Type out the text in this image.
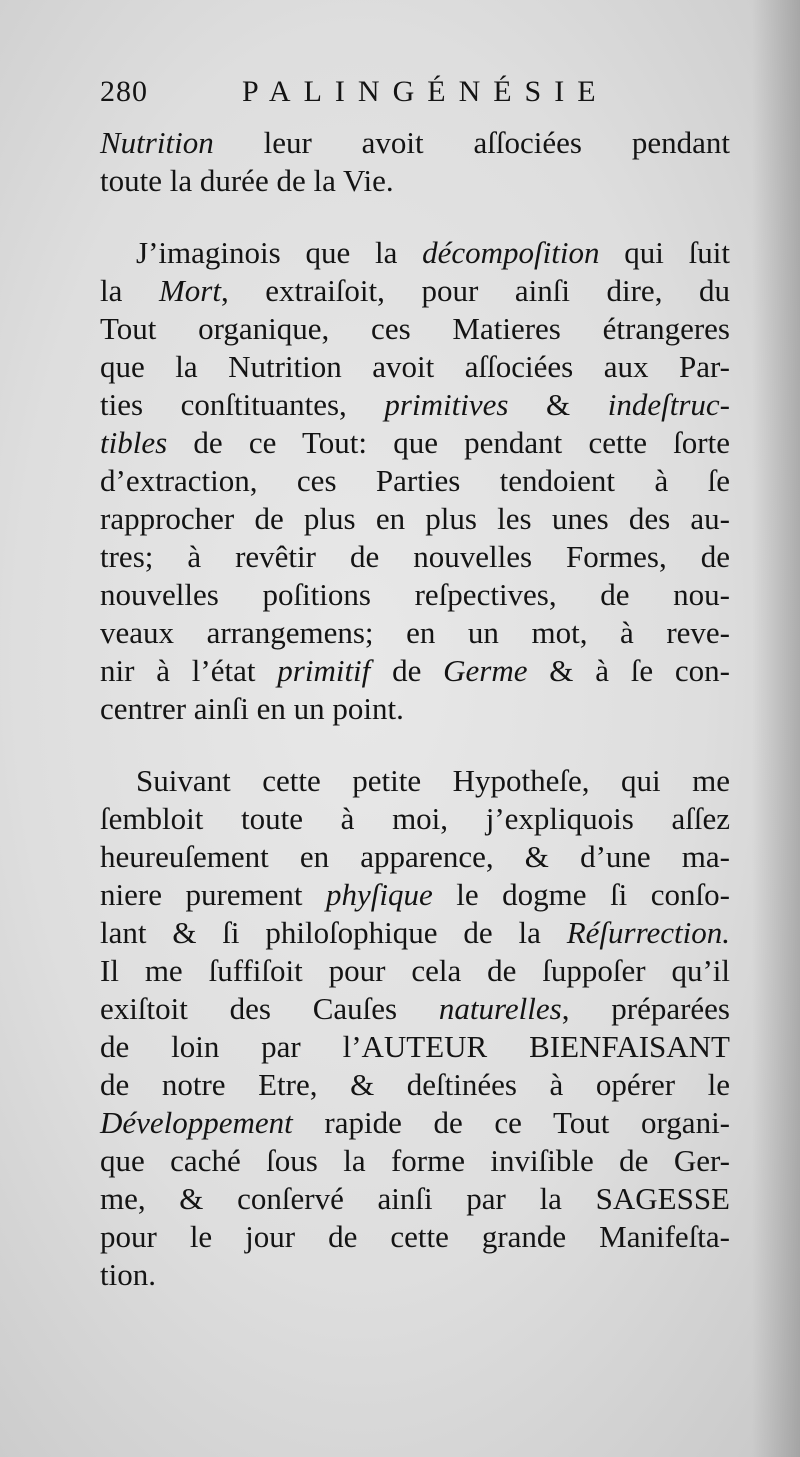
280	PALINGÉNÉSIE
Nutrition leur avoit aſſociées pendant
toute la durée de la Vie.
J’imaginois que la décompoſition qui ſuit
la Mort, extraiſoit, pour ainſi dire, du
Tout organique, ces Matieres étrangeres
que la Nutrition avoit aſſociées aux Par-
ties conſtituantes, primitives & indeſtruc-
tibles de ce Tout: que pendant cette ſorte
d’extraction, ces Parties tendoient à ſe
rapprocher de plus en plus les unes des au-
tres; à revêtir de nouvelles Formes, de
nouvelles poſitions reſpectives, de nou-
veaux arrangemens; en un mot, à reve-
nir à l’état primitif de Germe & à ſe con-
centrer ainſi en un point.
Suivant cette petite Hypotheſe, qui me
ſembloit toute à moi, j’expliquois aſſez
heureuſement en apparence, & d’une ma-
niere purement phyſique le dogme ſi conſo-
lant & ſi philoſophique de la Réſurrection.
Il me ſuffiſoit pour cela de ſuppoſer qu’il
exiſtoit des Cauſes naturelles, préparées
de loin par l’AUTEUR BIENFAISANT
de notre Etre, & deſtinées à opérer le
Développement rapide de ce Tout organi-
que caché ſous la forme inviſible de Ger-
me, & conſervé ainſi par la SAGESSE
pour le jour de cette grande Manifeſta-
tion.
